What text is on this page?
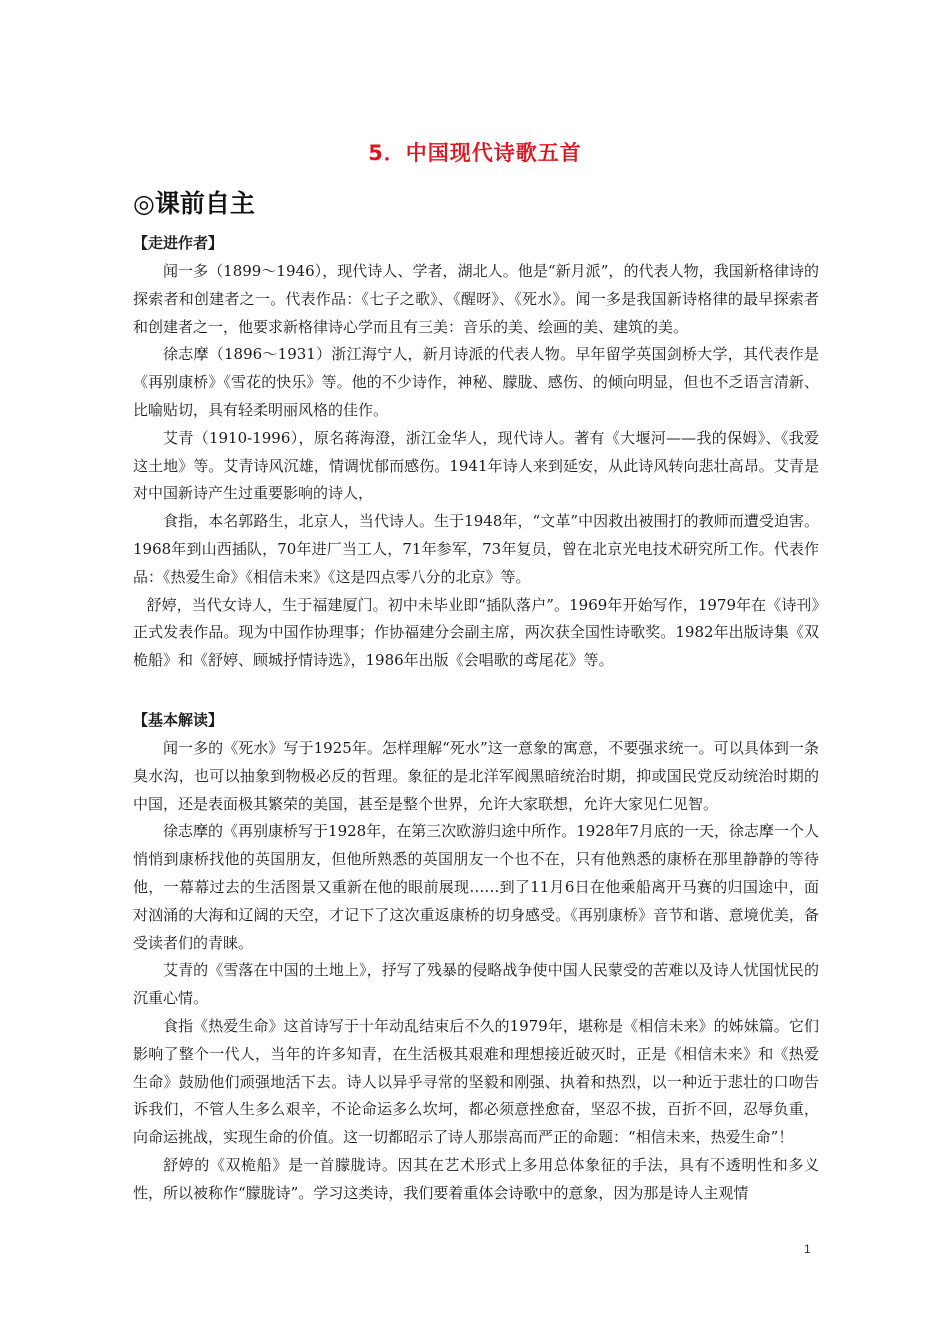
5．中国现代诗歌五首
◎课前自主

【走进作者】

闻一多（1899～1946），现代诗人、学者，湖北人。他是“新月派”，的代表人物，我国新格律诗的探索者和创建者之一。代表作品：《七子之歌》、《醒呀》、《死水》。闻一多是我国新诗格律的最早探索者和创建者之一，他要求新格律诗心学而且有三美：音乐的美、绘画的美、建筑的美。

徐志摩（1896～1931）浙江海宁人，新月诗派的代表人物。早年留学英国剑桥大学，其代表作是《再别康桥》《雪花的快乐》等。他的不少诗作，神秘、朦胧、感伤、的倾向明显，但也不乏语言清新、比喻贴切，具有轻柔明丽风格的佳作。

艾青（1910-1996），原名蒋海澄，浙江金华人，现代诗人。著有《大堰河——我的保姆》、《我爱这土地》等。艾青诗风沉雄，情调忧郁而感伤。1941年诗人来到延安，从此诗风转向悲壮高昂。艾青是对中国新诗产生过重要影响的诗人，

食指，本名郭路生，北京人，当代诗人。生于1948年，“文革”中因救出被围打的教师而遭受迫害。1968年到山西插队，70年进厂当工人，71年参军，73年复员，曾在北京光电技术研究所工作。代表作品：《热爱生命》《相信未来》《这是四点零八分的北京》等。

舒婷，当代女诗人，生于福建厦门。初中未毕业即“插队落户”。1969年开始写作，1979年在《诗刊》正式发表作品。现为中国作协理事；作协福建分会副主席，两次获全国性诗歌奖。1982年出版诗集《双桅船》和《舒婷、顾城抒情诗选》，1986年出版《会唱歌的鸢尾花》等。

【基本解读】

闻一多的《死水》写于1925年。怎样理解“死水”这一意象的寓意，不要强求统一。可以具体到一条臭水沟，也可以抽象到物极必反的哲理。象征的是北洋军阀黑暗统治时期，抑或国民党反动统治时期的中国，还是表面极其繁荣的美国，甚至是整个世界，允许大家联想，允许大家见仁见智。

徐志摩的《再别康桥写于1928年，在第三次欧游归途中所作。1928年7月底的一天，徐志摩一个人悄悄到康桥找他的英国朋友，但他所熟悉的英国朋友一个也不在，只有他熟悉的康桥在那里静静的等待他，一幕幕过去的生活图景又重新在他的眼前展现……到了11月6日在他乘船离开马赛的归国途中，面对汹涌的大海和辽阔的天空，才记下了这次重返康桥的切身感受。《再别康桥》音节和谐、意境优美，备受读者们的青睐。

艾青的《雪落在中国的土地上》，抒写了残暴的侵略战争使中国人民蒙受的苦难以及诗人忧国忧民的沉重心情。

食指《热爱生命》这首诗写于十年动乱结束后不久的1979年，堪称是《相信未来》的姊妹篇。它们影响了整个一代人，当年的许多知青，在生活极其艰难和理想接近破灭时，正是《相信未来》和《热爱生命》鼓励他们顽强地活下去。诗人以异乎寻常的坚毅和刚强、执着和热烈，以一种近于悲壮的口吻告诉我们，不管人生多么艰辛，不论命运多么坎坷，都必须意挫愈奋，坚忍不拔，百折不回，忍辱负重，向命运挑战，实现生命的价值。这一切都昭示了诗人那崇高而严正的命题：“相信未来，热爱生命”！

舒婷的《双桅船》是一首朦胧诗。因其在艺术形式上多用总体象征的手法，具有不透明性和多义性，所以被称作“朦胧诗”。学习这类诗，我们要着重体会诗歌中的意象，因为那是诗人主观情

1
